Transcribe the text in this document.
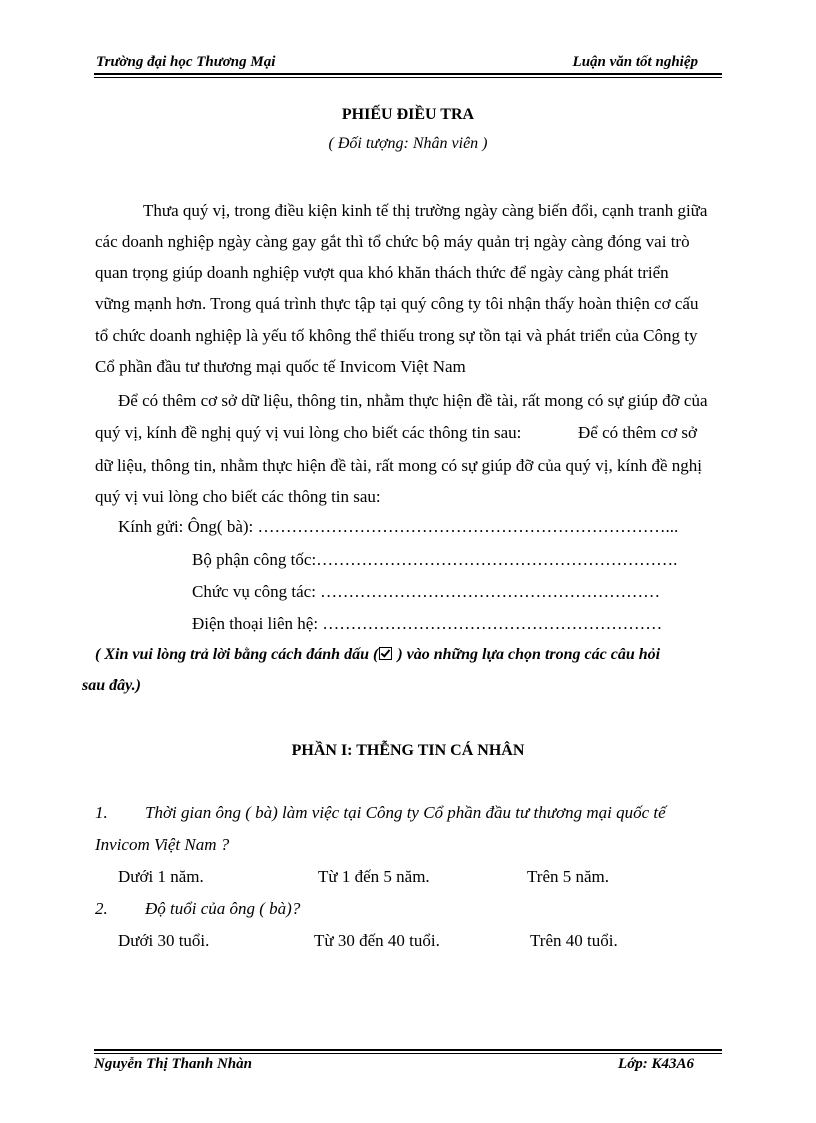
Trường đại học Thương Mại	Luận văn tốt nghiệp
PHIẾU ĐIỀU TRA
( Đối tượng: Nhân viên )
Thưa quý vị, trong điều kiện kinh tế thị trường ngày càng biến đổi, cạnh tranh giữa
các doanh nghiệp ngày càng gay gắt thì tổ chức bộ máy quản trị ngày càng đóng vai trò
quan trọng giúp doanh nghiệp vượt qua khó khăn thách thức để ngày càng phát triển
vững mạnh hơn. Trong quá trình thực tập tại quý công ty tôi nhận thấy hoàn thiện cơ cấu
tổ chức doanh nghiệp là yếu tố không thể thiếu trong sự tồn tại và phát triển của Công ty
Cổ phần đầu tư thương mại quốc tế Invicom Việt Nam
Để có thêm cơ sở dữ liệu, thông tin, nhằm thực hiện đề tài, rất mong có sự giúp đỡ của
quý vị, kính đề nghị quý vị vui lòng cho biết các thông tin sau:	Để có thêm cơ sở
dữ liệu, thông tin, nhằm thực hiện đề tài, rất mong có sự giúp đỡ của quý vị, kính đề nghị
quý vị vui lòng cho biết các thông tin sau:
Kính gửi: Ông( bà): ………………………………………………………………...
Bộ phận công tốc:……………………………………………………….
Chức vụ công tác: ……………………………………………………
Điện thoại liên hệ: ……………………………………………………
( Xin vui lòng trả lời bằng cách đánh dấu ( ) vào những lựa chọn trong các câu hỏi
sau đây.)
PHẦN I: THỄNG TIN CÁ NHÂN
1. Thời gian ông ( bà) làm việc tại Công ty Cổ phần đầu tư thương mại quốc tế
Invicom Việt Nam ?
Dưới 1 năm.	Từ 1 đến 5 năm.	Trên 5 năm.
2. Độ tuổi của ông ( bà)?
Dưới 30 tuổi.	Từ 30 đến 40 tuổi.	Trên 40 tuổi.
Nguyễn Thị Thanh Nhàn	Lớp: K43A6
